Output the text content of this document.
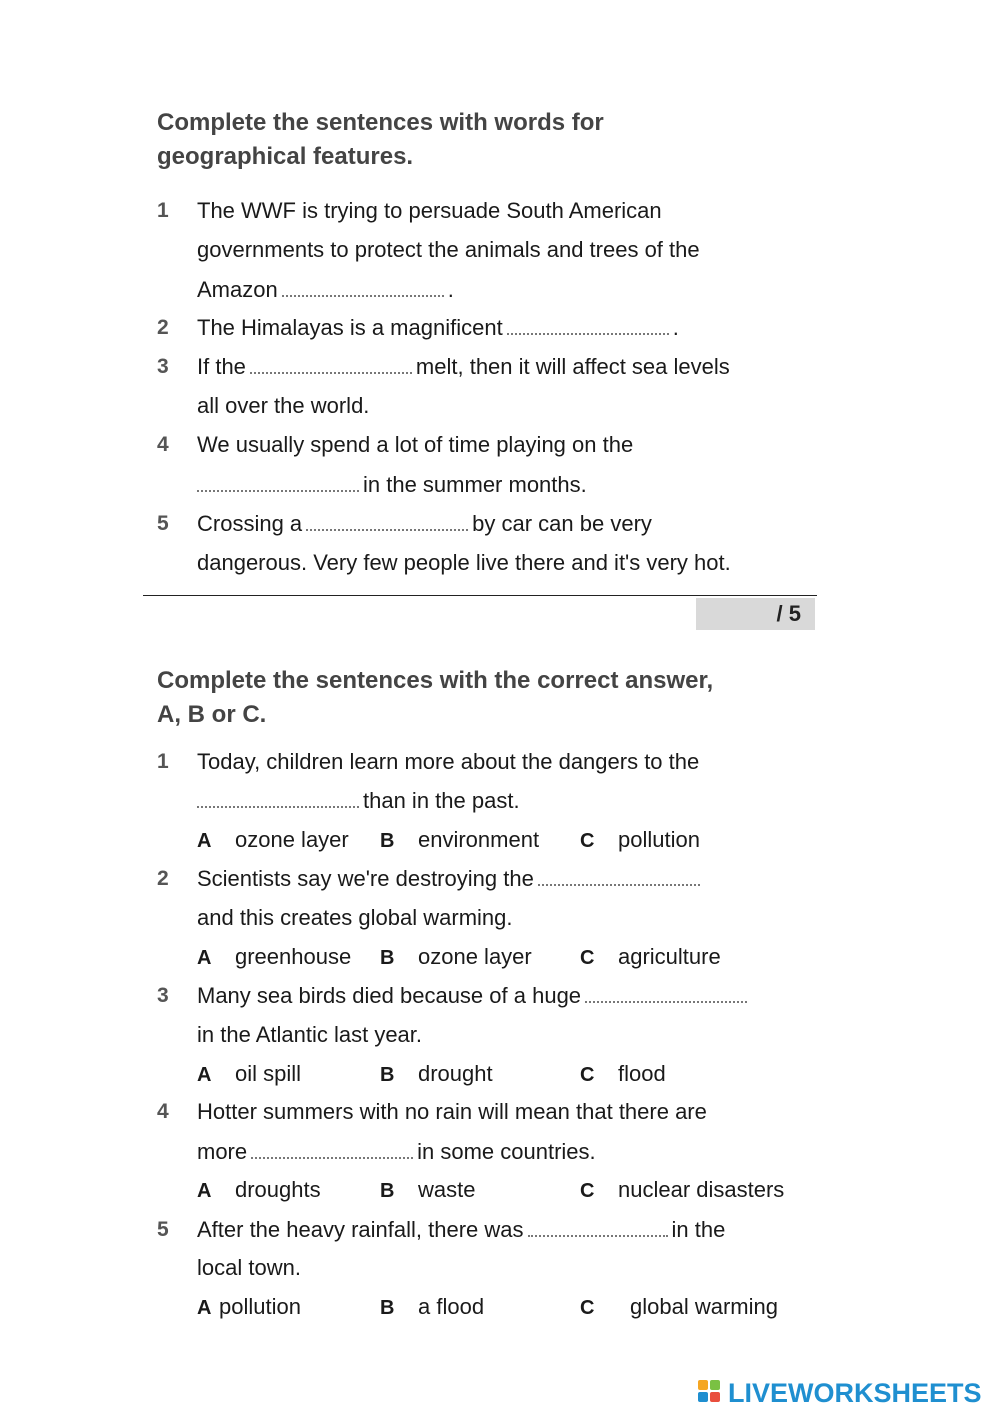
Complete the sentences with words for
geographical features.
1	The WWF is trying to persuade South American
governments to protect the animals and trees of the
Amazon	.
2	The Himalayas is a magnificent	.
3	If the	melt, then it will affect sea levels
all over the world.
4	We usually spend a lot of time playing on the
in the summer months.
5	Crossing a	by car can be very
dangerous. Very few people live there and it's very hot.
/ 5
Complete the sentences with the correct answer,
A, B or C.
1	Today, children learn more about the dangers to the
than in the past.
A ozone layer B environment C pollution
2	Scientists say we're destroying the
and this creates global warming.
A greenhouse B ozone layer C agriculture
3	Many sea birds died because of a huge
in the Atlantic last year.
A oil spill	B drought	C flood
4	Hotter summers with no rain will mean that there are
more	in some countries.
A droughts	B waste	C nuclear disasters
5	After the heavy rainfall, there was	in the
local town.
A pollution	B a flood	C global warming
LIVEWORKSHEETS
